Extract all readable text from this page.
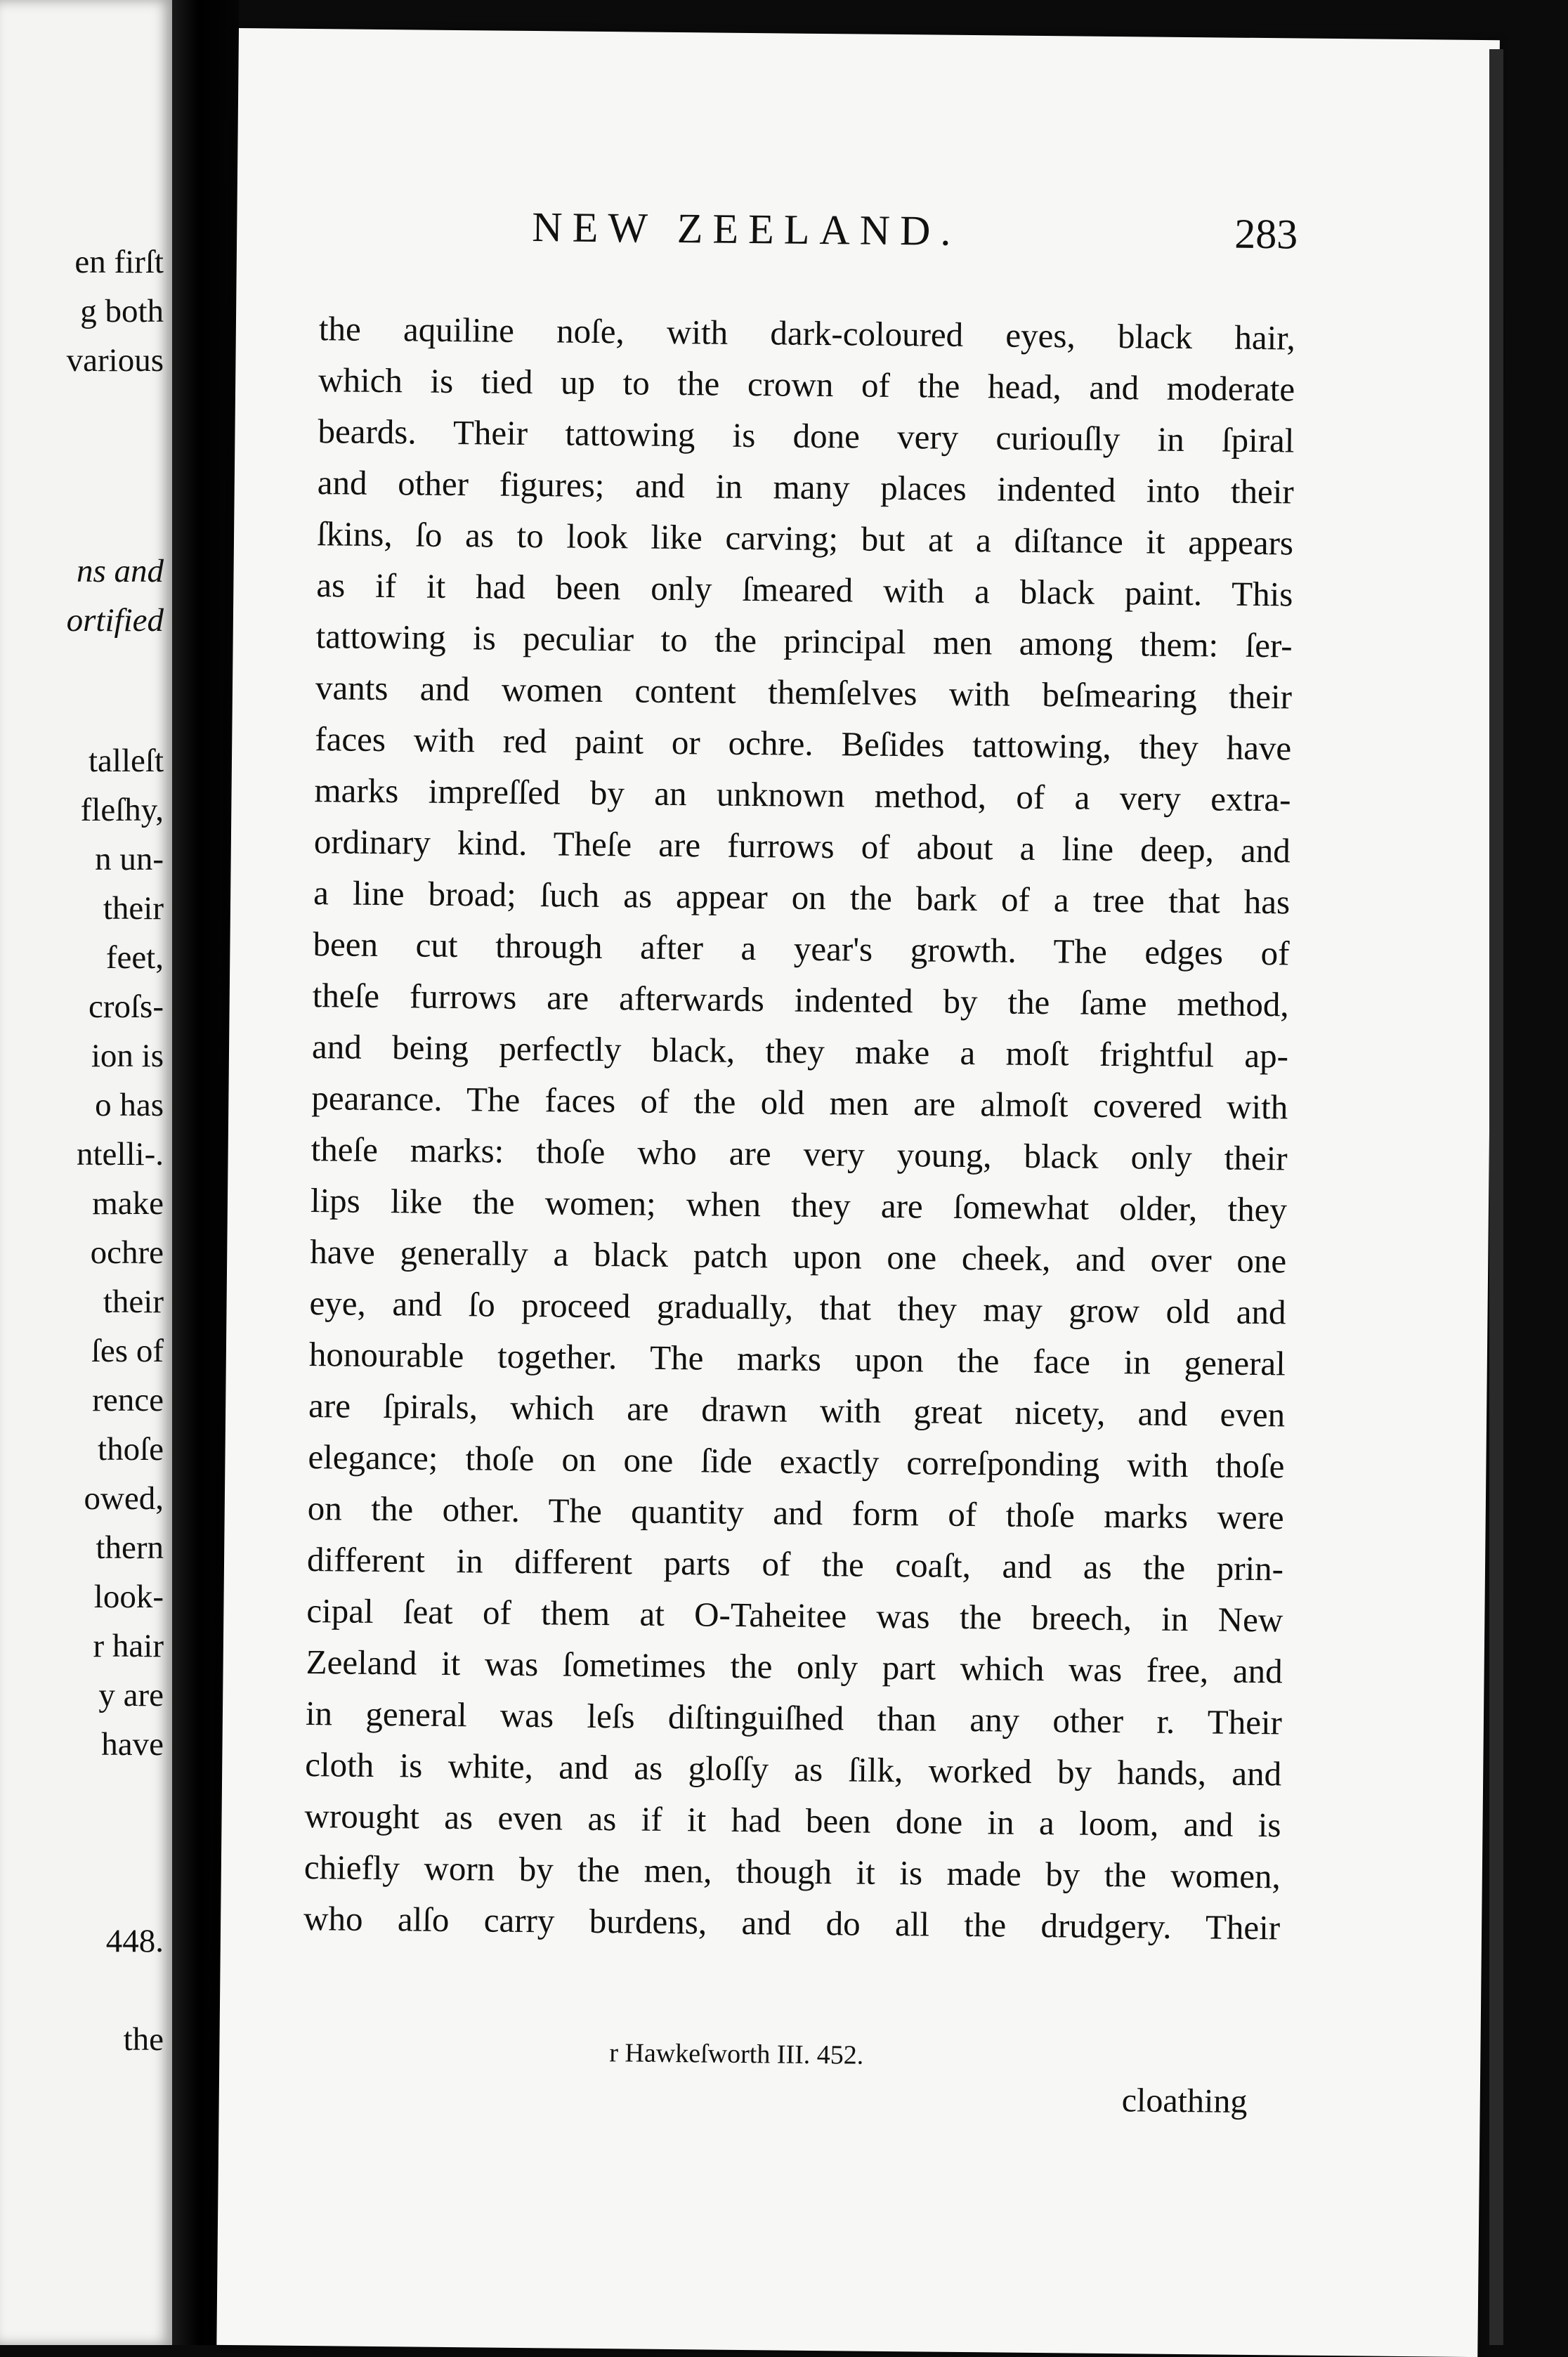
en firſt
g both
various
ns and
ortified
talleſt
fleſhy,
n un-
their
feet,
croſs-
ion is
o has
ntelli-.
make
ochre
their
ſes of
rence
thoſe
owed,
thern
look-
r hair
y are
have
448.
the
NEW ZEELAND.	283
the aquiline noſe, with dark-coloured eyes, black hair,
which is tied up to the crown of the head, and moderate
beards. Their tattowing is done very curiouſly in ſpiral
and other figures; and in many places indented into their
ſkins, ſo as to look like carving; but at a diſtance it appears
as if it had been only ſmeared with a black paint. This
tattowing is peculiar to the principal men among them: ſer-
vants and women content themſelves with beſmearing their
faces with red paint or ochre. Beſides tattowing, they have
marks impreſſed by an unknown method, of a very extra-
ordinary kind. Theſe are furrows of about a line deep, and
a line broad; ſuch as appear on the bark of a tree that has
been cut through after a year's growth. The edges of
theſe furrows are afterwards indented by the ſame method,
and being perfectly black, they make a moſt frightful ap-
pearance. The faces of the old men are almoſt covered with
theſe marks: thoſe who are very young, black only their
lips like the women; when they are ſomewhat older, they
have generally a black patch upon one cheek, and over one
eye, and ſo proceed gradually, that they may grow old and
honourable together. The marks upon the face in general
are ſpirals, which are drawn with great nicety, and even
elegance; thoſe on one ſide exactly correſponding with thoſe
on the other. The quantity and form of thoſe marks were
different in different parts of the coaſt, and as the prin-
cipal ſeat of them at O-Taheitee was the breech, in New
Zeeland it was ſometimes the only part which was free, and
in general was leſs diſtinguiſhed than any other r. Their
cloth is white, and as gloſſy as ſilk, worked by hands, and
wrought as even as if it had been done in a loom, and is
chiefly worn by the men, though it is made by the women,
who alſo carry burdens, and do all the drudgery. Their
r Hawkeſworth III. 452.
cloathing
